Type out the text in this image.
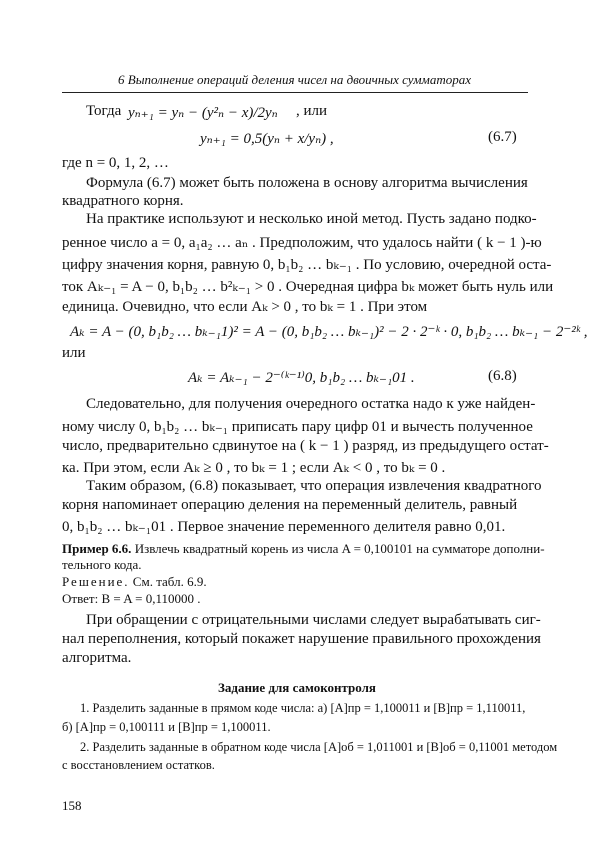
6 Выполнение операций деления чисел на двоичных сумматорах
Тогда yₙ₊₁ = yₙ − (y²ₙ − x)/2yₙ , или
yₙ₊₁ = 0,5(yₙ + x/yₙ) ,	(6.7)
где n = 0, 1, 2, …
Формула (6.7) может быть положена в основу алгоритма вычисления
квадратного корня.
На практике используют и несколько иной метод. Пусть задано подко-
ренное число a = 0, a₁a₂ … aₙ . Предположим, что удалось найти ( k − 1 )-ю
цифру значения корня, равную 0, b₁b₂ … bₖ₋₁ . По условию, очередной оста-
ток Aₖ₋₁ = A − 0, b₁b₂ … b²ₖ₋₁ > 0 . Очередная цифра bₖ может быть нуль или
единица. Очевидно, что если Aₖ > 0 , то bₖ = 1 . При этом
Aₖ = A − (0, b₁b₂ … bₖ₋₁1)² = A − (0, b₁b₂ … bₖ₋₁)² − 2 · 2⁻ᵏ · 0, b₁b₂ … bₖ₋₁ − 2⁻²ᵏ ,
или
Aₖ = Aₖ₋₁ − 2⁻⁽ᵏ⁻¹⁾0, b₁b₂ … bₖ₋₁01 .	(6.8)
Следовательно, для получения очередного остатка надо к уже найден-
ному числу 0, b₁b₂ … bₖ₋₁ приписать пару цифр 01 и вычесть полученное
число, предварительно сдвинутое на ( k − 1 ) разряд, из предыдущего остат-
ка. При этом, если Aₖ ≥ 0 , то bₖ = 1 ; если Aₖ < 0 , то bₖ = 0 .
Таким образом, (6.8) показывает, что операция извлечения квадратного
корня напоминает операцию деления на переменный делитель, равный
0, b₁b₂ … bₖ₋₁01 . Первое значение переменного делителя равно 0,01.
Пример 6.6. Извлечь квадратный корень из числа A = 0,100101 на сумматоре дополни-
тельного кода.
Решение. См. табл. 6.9.
Ответ: B = A = 0,110000 .
При обращении с отрицательными числами следует вырабатывать сиг-
нал переполнения, который покажет нарушение правильного прохождения
алгоритма.
Задание для самоконтроля
1. Разделить заданные в прямом коде числа: а) [A]пр = 1,100011 и [B]пр = 1,110011,
б) [A]пр = 0,100111 и [B]пр = 1,100011.
2. Разделить заданные в обратном коде числа [A]об = 1,011001 и [B]об = 0,11001 методом
с восстановлением остатков.
158
